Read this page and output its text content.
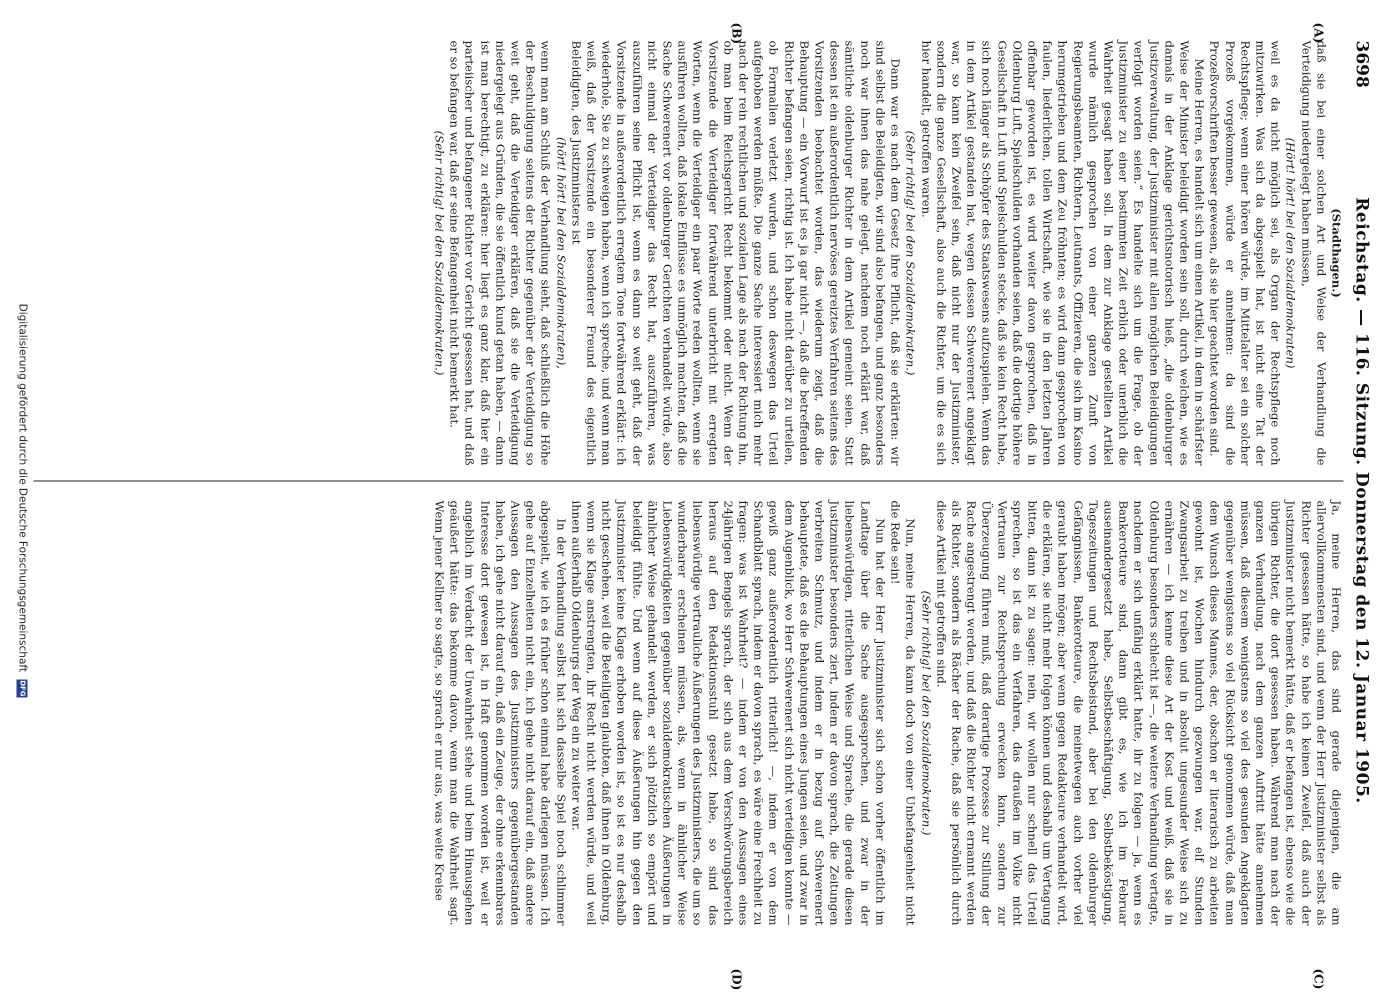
3698
Reichstag. — 116. Sitzung. Donnerstag den 12. Januar 1905.
(A)
(B)
(C)
(D)

(Stadthagen.)

daß sie bei einer solchen Art und Weise der Verhandlung die Verteidigung niedergelegt haben müssen,

(Hört! hört! bei den Sozialdemokraten)

weil es da nicht möglich sei, als Organ der Rechtspflege noch mitzuwirken. Was sich da abgespielt hat, ist nicht eine Tat der Rechtspflege; wenn einer hören würde, im Mittelalter sei ein solcher Prozeß vorgekommen, würde er annehmen: da sind die Prozeßvorschriften besser gewesen, als sie hier geachtet worden sind.

Meine Herren, es handelt sich um einen Artikel, in dem in schärfster Weise der Minister beleidigt worden sein soll, durch welchen, wie es damals in der Anklage gerichtsnotorisch hieß, „die oldenburger Justizverwaltung, der Justizminister mit allen möglichen Beleidigungen verfolgt worden seien.“ Es handelte sich um die Frage, ob der Justizminister zu einer bestimmten Zeit erblich oder unerblich die Wahrheit gesagt haben soll. In dem zur Anklage gestellten Artikel wurde nämlich gesprochen von einer ganzen Zunft von Regierungsbeamten, Richtern, Leutnants, Offizieren, die sich im Kasino herumgetrieben und dem Zeu fröhnten; es wird dann gesprochen von faulen, liederlichen, tollen Wirtschaft, wie sie in den letzten Jahren offenbar geworden ist, es wird weiter davon gesprochen, daß in Oldenburg Luft, Spielschulden vorhanden seien, daß die dortige höhere Gesellschaft in Luft und Spielschulden stecke, daß sie kein Recht habe, sich noch länger als Schöpfer des Staatswesens aufzuspielen. Wenn das in dem Artikel gestanden hat, wegen dessen Schwerenert angeklagt war, so kann kein Zweifel sein, daß nicht nur der Justizminister, sondern die ganze Gesellschaft, also auch die Richter, um die es sich hier handelt, getroffen waren.

(Sehr richtig! bei den Sozialdemokraten.)

Dann war es nach dem Gesetz ihre Pflicht, daß sie erklärten: wir sind selbst die Beleidigten, wir sind also befangen, und ganz besonders noch war ihnen das nahe gelegt, nachdem noch erklärt war, daß sämtliche oldenburger Richter in dem Artikel gemeint seien. Statt dessen ist ein außerordentlich nervöses gereiztes Verfahren seitens des Vorsitzenden beobachtet worden, das wiederum zeigt, daß die Behauptung — ein Vorwurf ist es ja gar nicht —, daß die betreffenden Richter befangen seien, richtig ist. Ich habe nicht darüber zu urteilen, ob Formalien verletzt wurden, und schon deswegen das Urteil aufgehoben werden müßte. Die ganze Sache interessiert mich mehr nach der rein rechtlichen und sozialen Lage als nach der Richtung hin, ob man beim Reichsgericht Recht bekommt oder nicht. Wenn der Vorsitzende die Verteidiger fortwährend unterbricht mit erregten Worten, wenn die Verteidiger ein paar Worte reden wollten, wenn sie ausführen wollten, daß lokale Einflüsse es unmöglich machten, daß die Sache Schwerenert vor oldenburger Gerichten verhandelt würde, also nicht einmal der Verteidiger das Recht hat, auszuführen, was auszuführen seine Pflicht ist, wenn es dann so weit geht, daß der Vorsitzende in außerordentlich erregtem Tone fortwährend erklärt: ich wiederhole, Sie zu schweigen haben, wenn ich spreche, und wenn man weiß, daß der Vorsitzende ein besonderer Freund des eigentlich Beleidigten, des Justizministers ist

(hört! hört! bei den Sozialdemokraten),

wenn man am Schluß der Verhandlung sieht, daß schließlich die Höhe der Beschuldigung seitens der Richter gegenüber der Verteidigung so weit geht, daß die Verteidiger erklären, daß sie die Verteidigung niedergelegt aus Gründen, die sie öffentlich kund getan haben, — dann ist man berechtigt, zu erklären: hier liegt es ganz klar, daß hier ein parteiischer und befangener Richter vor Gericht gesessen hat, und daß er so befangen war, daß er seine Befangenheit nicht bemerkt hat.

(Sehr richtig! bei den Sozialdemokraten.)

Ja, meine Herren, das sind gerade diejenigen, die am allervollkommensten sind, und wenn der Herr Justizminister selbst als Richter gesessen hätte, so habe ich keinen Zweifel, daß auch der Justizminister nicht bemerkt hätte, daß er befangen ist, ebenso wie die übrigen Richter, die dort gesessen haben. Während man nach der ganzen Verhandlung, nach dem ganzen Auftritt hätte annehmen müssen, daß diesem wenigstens so viel des gesunden Angeklagten gegenüber wenigstens so viel Rücksicht genommen würde, daß man dem Wunsch dieses Mannes, der, obschon er literarisch zu arbeiten gewohnt ist, Wochen hindurch gezwungen war, elf Stunden Zwangsarbeit zu treiben und in absolut ungesunder Weise sich zu ernähren — ich kenne diese Art der Kost und weiß, daß sie in Oldenburg besonders schlecht ist —, die weitere Verhandlung vertagte, nachdem er sich unfähig erklärt hatte, ihr zu folgen — ja, wenn es Bankerotteure sind, dann gibt es, wie ich im Februar auseinandergesetzt habe, Selbstbeschäftigung, Selbstbeköstigung, Tageszeitungen und Rechtsbeistand, aber bei den oldenburger Gefängnissen, Bankerotteure, die meinetwegen auch vorher viel geraubt haben mögen; aber wenn gegen Redakteure verhandelt wird, die erklären, sie nicht mehr folgen können und deshalb um Vertagung bitten, dann ist zu sagen: nein, wir wollen nur schnell das Urteil sprechen, so ist das ein Verfahren, das draußen im Volke nicht Vertrauen zur Rechtsprechung erwecken kann, sondern zur Überzeugung führen muß, daß derartige Prozesse zur Stillung der Rache angestrengt werden, und daß die Richter nicht ernannt werden als Richter, sondern als Rächer der Rache, daß sie persönlich durch diese Artikel mit getroffen sind.

(Sehr richtig! bei den Sozialdemokraten.)

Nun, meine Herren, da kann doch von einer Unbefangenheit nicht die Rede sein!

Nun hat der Herr Justizminister sich schon vorher öffentlich im Landtage über die Sache ausgesprochen, und zwar in der liebenswürdigen, ritterlichen Weise und Sprache, die gerade diesen Justizminister besonders ziert, indem er davon sprach, die Zeitungen verbreiten Schmutz, und indem er in bezug auf Schwerenert behauptete, daß es die Behauptungen eines Jungen seien, und zwar in dem Augenblick, wo Herr Schwerenert sich nicht verteidigen konnte — gewiß ganz außerordentlich ritterlich! —, indem er von dem Schandblatt sprach, indem er davon sprach, es wäre eine Frechheit zu fragen: was ist Wahrheit? — indem er von den Aussagen eines 24jährigen Bengels sprach, der sich aus dem Verschwörungsbereich heraus auf den Redaktionsstuhl gesetzt habe, so sind das liebenswürdige vertrauliche Äußerungen des Justizministers, die um so wunderbarer erscheinen müssen, als, wenn in ähnlicher Weise Liebenswürdigkeiten gegenüber sozialdemokratischen Äußerungen in ähnlicher Weise gehandelt werden, er sich plötzlich so empört und beleidigt fühlte. Und wenn auf diese Äußerungen hin gegen den Justizminister keine Klage erhoben worden ist, so ist es nur deshalb nicht geschehen, weil die Beteiligten glaubten, daß ihnen in Oldenburg, wenn sie Klage anstrengten, ihr Recht nicht werden würde, und weil ihnen außerhalb Oldenburgs der Weg ein zu weiter war.

In der Verhandlung selbst hat sich dasselbe Spiel noch schlimmer abgespielt, wie ich es früher schon einmal habe darlegen müssen. Ich gehe auf Einzelheiten nicht ein, ich gehe nicht darauf ein, daß andere Aussagen den Aussagen des Justizministers gegenübergestanden haben, ich gehe nicht darauf ein, daß ein Zeuge, der ohne erkennbares Interesse dort gewesen ist, in Haft genommen worden ist, weil er angeblich im Verdacht der Unwahrheit stehe und beim Hinausgehen geäußert hätte: das bekomme davon, wenn man die Wahrheit sagt. Wenn jener Kellner so sagte, so sprach er nur aus, was weite Kreise

Digitalisierung gefördert durch die Deutsche Forschungsgemeinschaft DFG
